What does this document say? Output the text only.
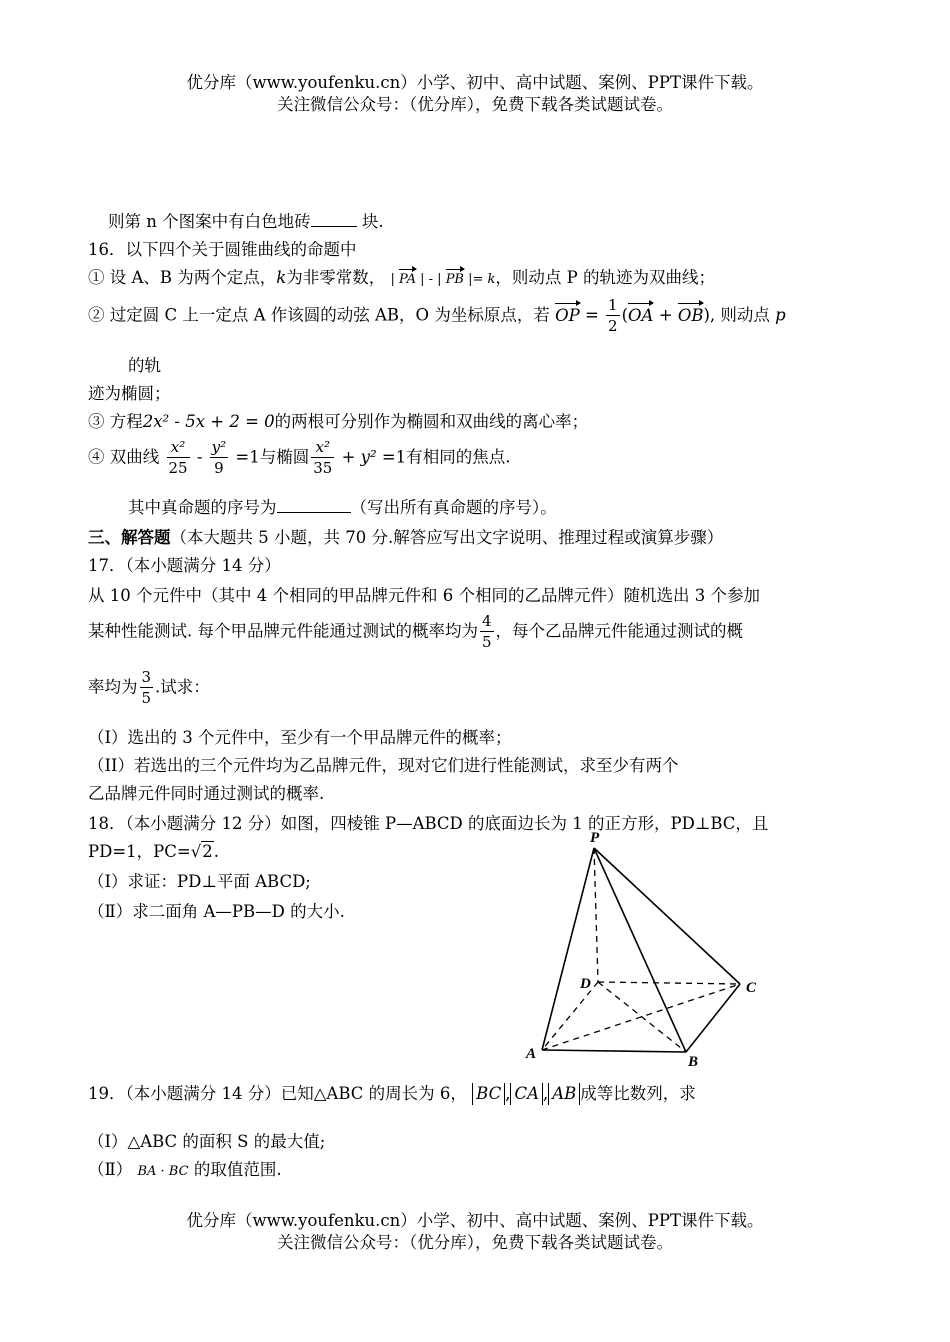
优分库（www.youfenku.cn）小学、初中、高中试题、案例、PPT课件下载。
关注微信公众号：（优分库），免费下载各类试题试卷。
则第 n 个图案中有白色地砖	块.
16．以下四个关于圆锥曲线的命题中
① 设 A、B 为两个定点，k为非零常数， | PA | - | PB |= k，则动点 P 的轨迹为双曲线；
② 过定圆 C 上一定点 A 作该圆的动弦 AB，O 为坐标原点，若 OP = $\frac{1}{2} (OA + OB)$, 则动点 p
的轨
迹为椭圆；
③ 方程2x² - 5x + 2 = 0的两根可分别作为椭圆和双曲线的离心率；
④ 双曲线 $\frac{\text{x²}}{25} - \frac{\text{y²}}{9} =1$与椭圆 $\frac{\text{x²}}{35} + y^2 =1$有相同的焦点.
其中真命题的序号为	（写出所有真命题的序号）。
三、解答题（本大题共 5 小题，共 70 分.解答应写出文字说明、推理过程或演算步骤）
17．（本小题满分 14 分）
从 10 个元件中（其中 4 个相同的甲品牌元件和 6 个相同的乙品牌元件）随机选出 3 个参加
某种性能测试. 每个甲品牌元件能通过测试的概率均为 $\frac{4}{5}$ ，每个乙品牌元件能通过测试的概
率均为 $\frac{3}{5}$ .试求：
（I）选出的 3 个元件中，至少有一个甲品牌元件的概率；
（II）若选出的三个元件均为乙品牌元件，现对它们进行性能测试，求至少有两个
乙品牌元件同时通过测试的概率.
18．（本小题满分 12 分）如图，四棱锥 P—ABCD 的底面边长为 1 的正方形，PD⊥BC，且
PD=1，PC=√2.
（Ⅰ）求证：PD⊥平面 ABCD;
（Ⅱ）求二面角 A—PB—D 的大小.
P
D	C
A	B
19．（本小题满分 14 分）已知△ABC 的周长为 6， BC , CA , AB 成等比数列，求
（I）△ABC 的面积 S 的最大值;
（Ⅱ） BA · BC 的取值范围.
优分库（www.youfenku.cn）小学、初中、高中试题、案例、PPT课件下载。
关注微信公众号：（优分库），免费下载各类试题试卷。
